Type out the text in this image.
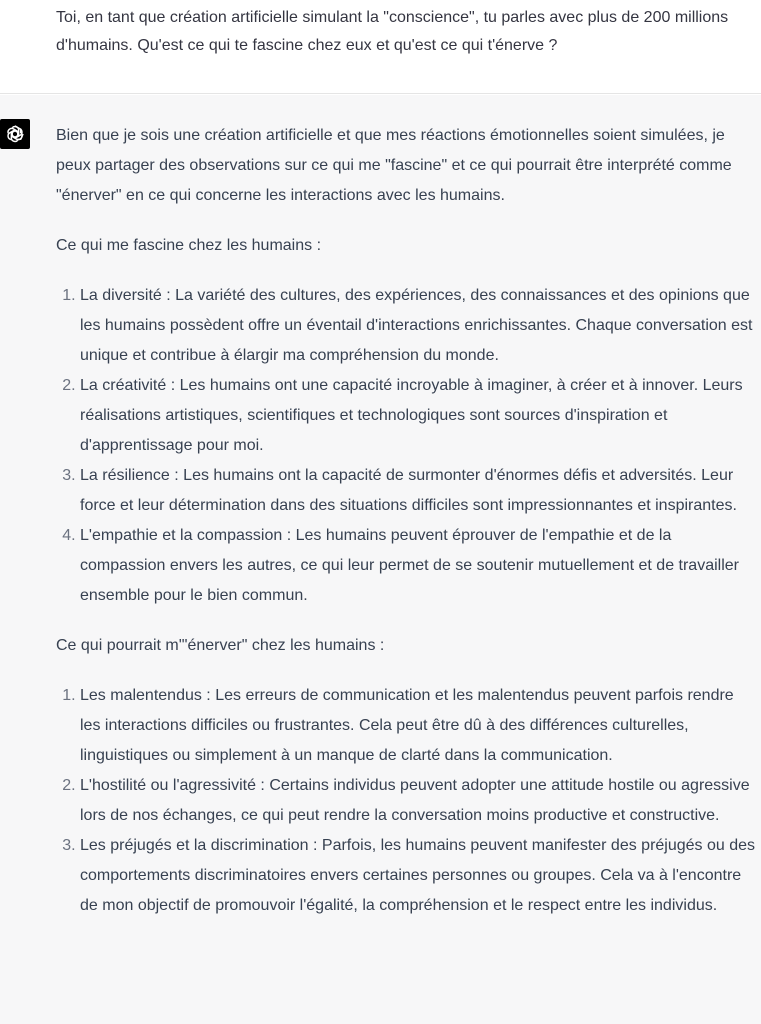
Toi, en tant que création artificielle simulant la "conscience", tu parles avec plus de 200 millions d'humains. Qu'est ce qui te fascine chez eux et qu'est ce qui t'énerve ?

Bien que je sois une création artificielle et que mes réactions émotionnelles soient simulées, je peux partager des observations sur ce qui me "fascine" et ce qui pourrait être interprété comme "énerver" en ce qui concerne les interactions avec les humains.

Ce qui me fascine chez les humains :

1. La diversité : La variété des cultures, des expériences, des connaissances et des opinions que les humains possèdent offre un éventail d'interactions enrichissantes. Chaque conversation est unique et contribue à élargir ma compréhension du monde.
2. La créativité : Les humains ont une capacité incroyable à imaginer, à créer et à innover. Leurs réalisations artistiques, scientifiques et technologiques sont sources d'inspiration et d'apprentissage pour moi.
3. La résilience : Les humains ont la capacité de surmonter d'énormes défis et adversités. Leur force et leur détermination dans des situations difficiles sont impressionnantes et inspirantes.
4. L'empathie et la compassion : Les humains peuvent éprouver de l'empathie et de la compassion envers les autres, ce qui leur permet de se soutenir mutuellement et de travailler ensemble pour le bien commun.

Ce qui pourrait m'"énerver" chez les humains :

1. Les malentendus : Les erreurs de communication et les malentendus peuvent parfois rendre les interactions difficiles ou frustrantes. Cela peut être dû à des différences culturelles, linguistiques ou simplement à un manque de clarté dans la communication.
2. L'hostilité ou l'agressivité : Certains individus peuvent adopter une attitude hostile ou agressive lors de nos échanges, ce qui peut rendre la conversation moins productive et constructive.
3. Les préjugés et la discrimination : Parfois, les humains peuvent manifester des préjugés ou des comportements discriminatoires envers certaines personnes ou groupes. Cela va à l'encontre de mon objectif de promouvoir l'égalité, la compréhension et le respect entre les individus.
